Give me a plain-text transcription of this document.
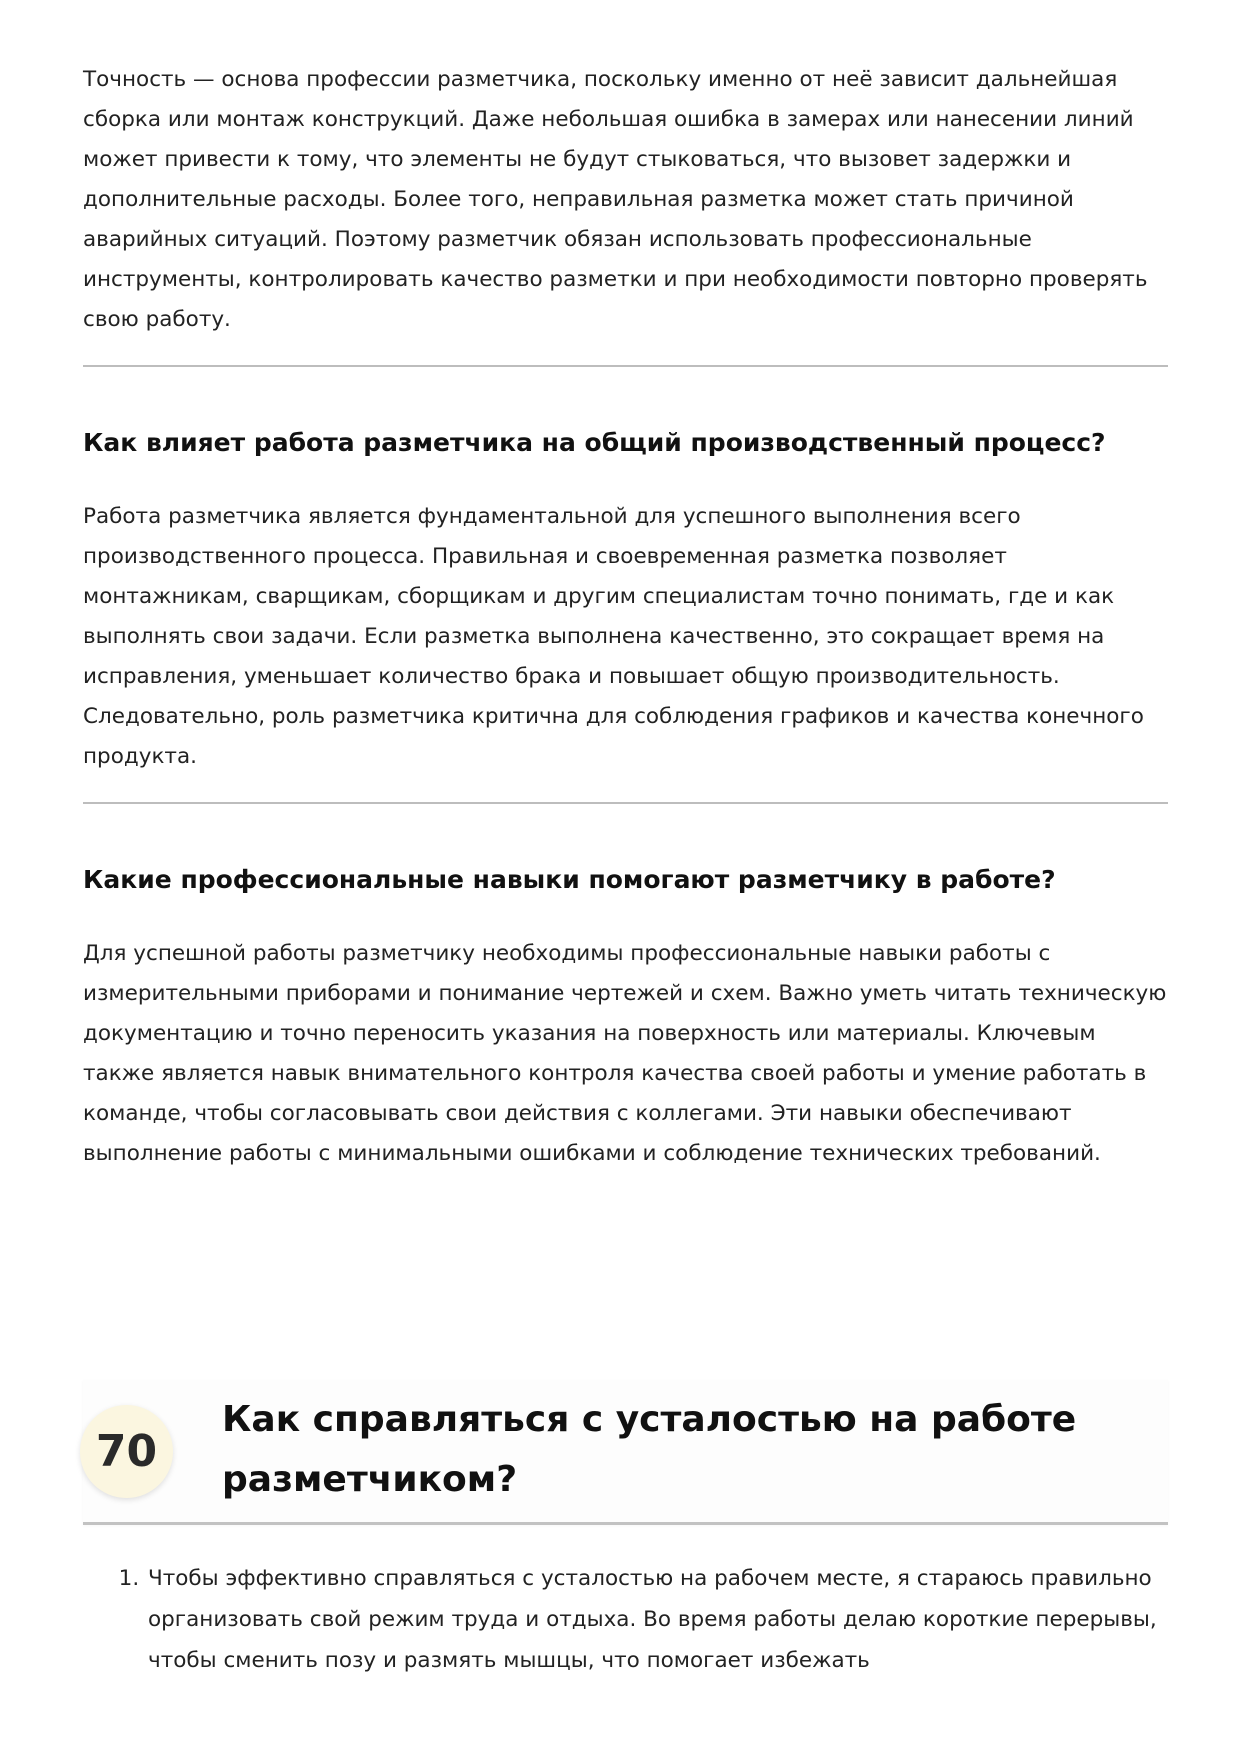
Точность — основа профессии разметчика, поскольку именно от неё зависит дальнейшая сборка или монтаж конструкций. Даже небольшая ошибка в замерах или нанесении линий может привести к тому, что элементы не будут стыковаться, что вызовет задержки и дополнительные расходы. Более того, неправильная разметка может стать причиной аварийных ситуаций. Поэтому разметчик обязан использовать профессиональные инструменты, контролировать качество разметки и при необходимости повторно проверять свою работу.

Как влияет работа разметчика на общий производственный процесс?

Работа разметчика является фундаментальной для успешного выполнения всего производственного процесса. Правильная и своевременная разметка позволяет монтажникам, сварщикам, сборщикам и другим специалистам точно понимать, где и как выполнять свои задачи. Если разметка выполнена качественно, это сокращает время на исправления, уменьшает количество брака и повышает общую производительность. Следовательно, роль разметчика критична для соблюдения графиков и качества конечного продукта.

Какие профессиональные навыки помогают разметчику в работе?

Для успешной работы разметчику необходимы профессиональные навыки работы с измерительными приборами и понимание чертежей и схем. Важно уметь читать техническую документацию и точно переносить указания на поверхность или материалы. Ключевым также является навык внимательного контроля качества своей работы и умение работать в команде, чтобы согласовывать свои действия с коллегами. Эти навыки обеспечивают выполнение работы с минимальными ошибками и соблюдение технических требований.

70
Как справляться с усталостью на работе разметчиком?
1. Чтобы эффективно справляться с усталостью на рабочем месте, я стараюсь правильно организовать свой режим труда и отдыха. Во время работы делаю короткие перерывы, чтобы сменить позу и размять мышцы, что помогает избежать
